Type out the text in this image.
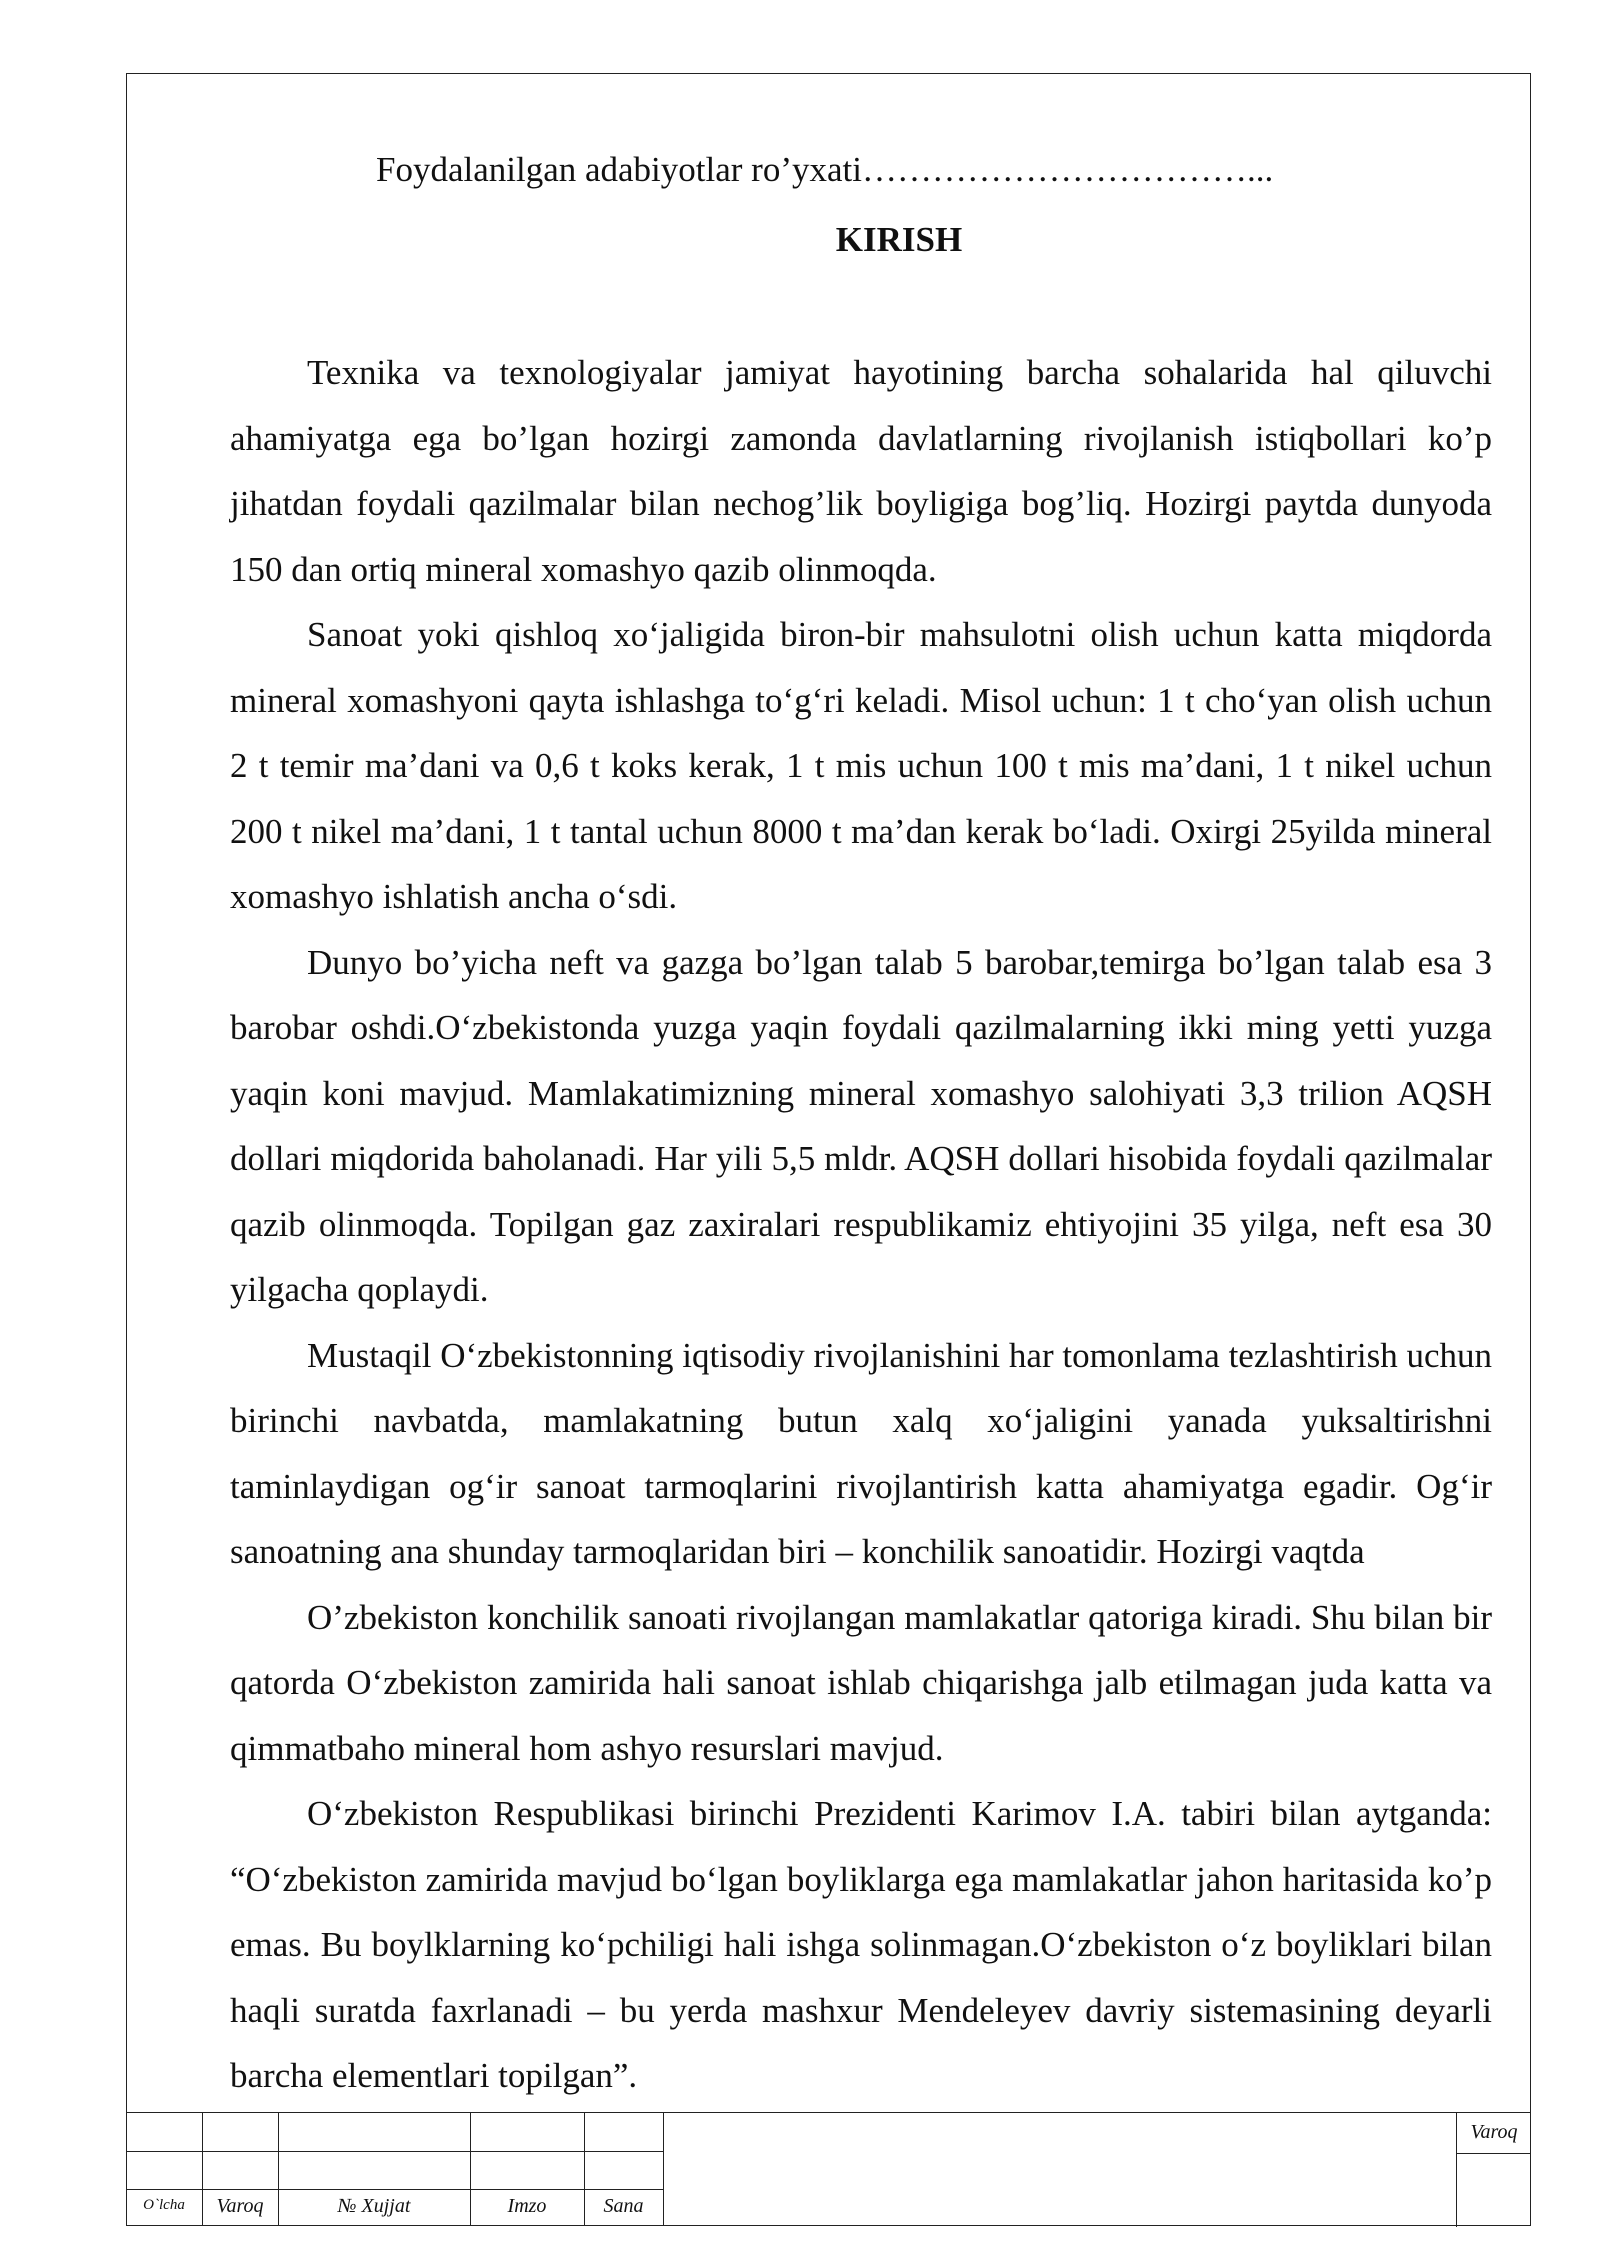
Foydalanilgan adabiyotlar ro’yxati……………………………...
KIRISH

Texnika va texnologiyalar jamiyat hayotining barcha sohalarida hal qiluvchi ahamiyatga ega bo’lgan hozirgi zamonda davlatlarning rivojlanish istiqbollari ko’p jihatdan foydali qazilmalar bilan nechog’lik boyligiga bog’liq. Hozirgi paytda dunyoda 150 dan ortiq mineral xomashyo qazib olinmoqda.

Sanoat yoki qishloq xo‘jaligida biron-bir mahsulotni olish uchun katta miqdorda mineral xomashyoni qayta ishlashga to‘g‘ri keladi. Misol uchun: 1 t cho‘yan olish uchun 2 t temir ma’dani va 0,6 t koks kerak, 1 t mis uchun 100 t mis ma’dani, 1 t nikel uchun 200 t nikel ma’dani, 1 t tantal uchun 8000 t ma’dan kerak bo‘ladi. Oxirgi 25yilda mineral xomashyo ishlatish ancha o‘sdi.

Dunyo bo’yicha neft va gazga bo’lgan talab 5 barobar,temirga bo’lgan talab esa 3 barobar oshdi.O‘zbekistonda yuzga yaqin foydali qazilmalarning ikki ming yetti yuzga yaqin koni mavjud. Mamlakatimizning mineral xomashyo salohiyati 3,3 trilion AQSH dollari miqdorida baholanadi. Har yili 5,5 mldr. AQSH dollari hisobida foydali qazilmalar qazib olinmoqda. Topilgan gaz zaxiralari respublikamiz ehtiyojini 35 yilga, neft esa 30 yilgacha qoplaydi.

Mustaqil O‘zbekistonning iqtisodiy rivojlanishini har tomonlama tezlashtirish uchun birinchi navbatda, mamlakatning butun xalq xo‘jaligini yanada yuksaltirishni taminlaydigan og‘ir sanoat tarmoqlarini rivojlantirish katta ahamiyatga egadir. Og‘ir sanoatning ana shunday tarmoqlaridan biri – konchilik sanoatidir. Hozirgi vaqtda

O’zbekiston konchilik sanoati rivojlangan mamlakatlar qatoriga kiradi. Shu bilan bir qatorda O‘zbekiston zamirida hali sanoat ishlab chiqarishga jalb etilmagan juda katta va qimmatbaho mineral hom ashyo resurslari mavjud.

O‘zbekiston Respublikasi birinchi Prezidenti Karimov I.A. tabiri bilan aytganda: “O‘zbekiston zamirida mavjud bo‘lgan boyliklarga ega mamlakatlar jahon haritasida ko’p emas. Bu boylklarning ko‘pchiligi hali ishga solinmagan.O‘zbekiston o‘z boyliklari bilan haqli suratda faxrlanadi – bu yerda mashxur Mendeleyev davriy sistemasining deyarli barcha elementlari topilgan”.

O`lcha	Varoq	№ Xujjat	Imzo	Sana
Varoq
